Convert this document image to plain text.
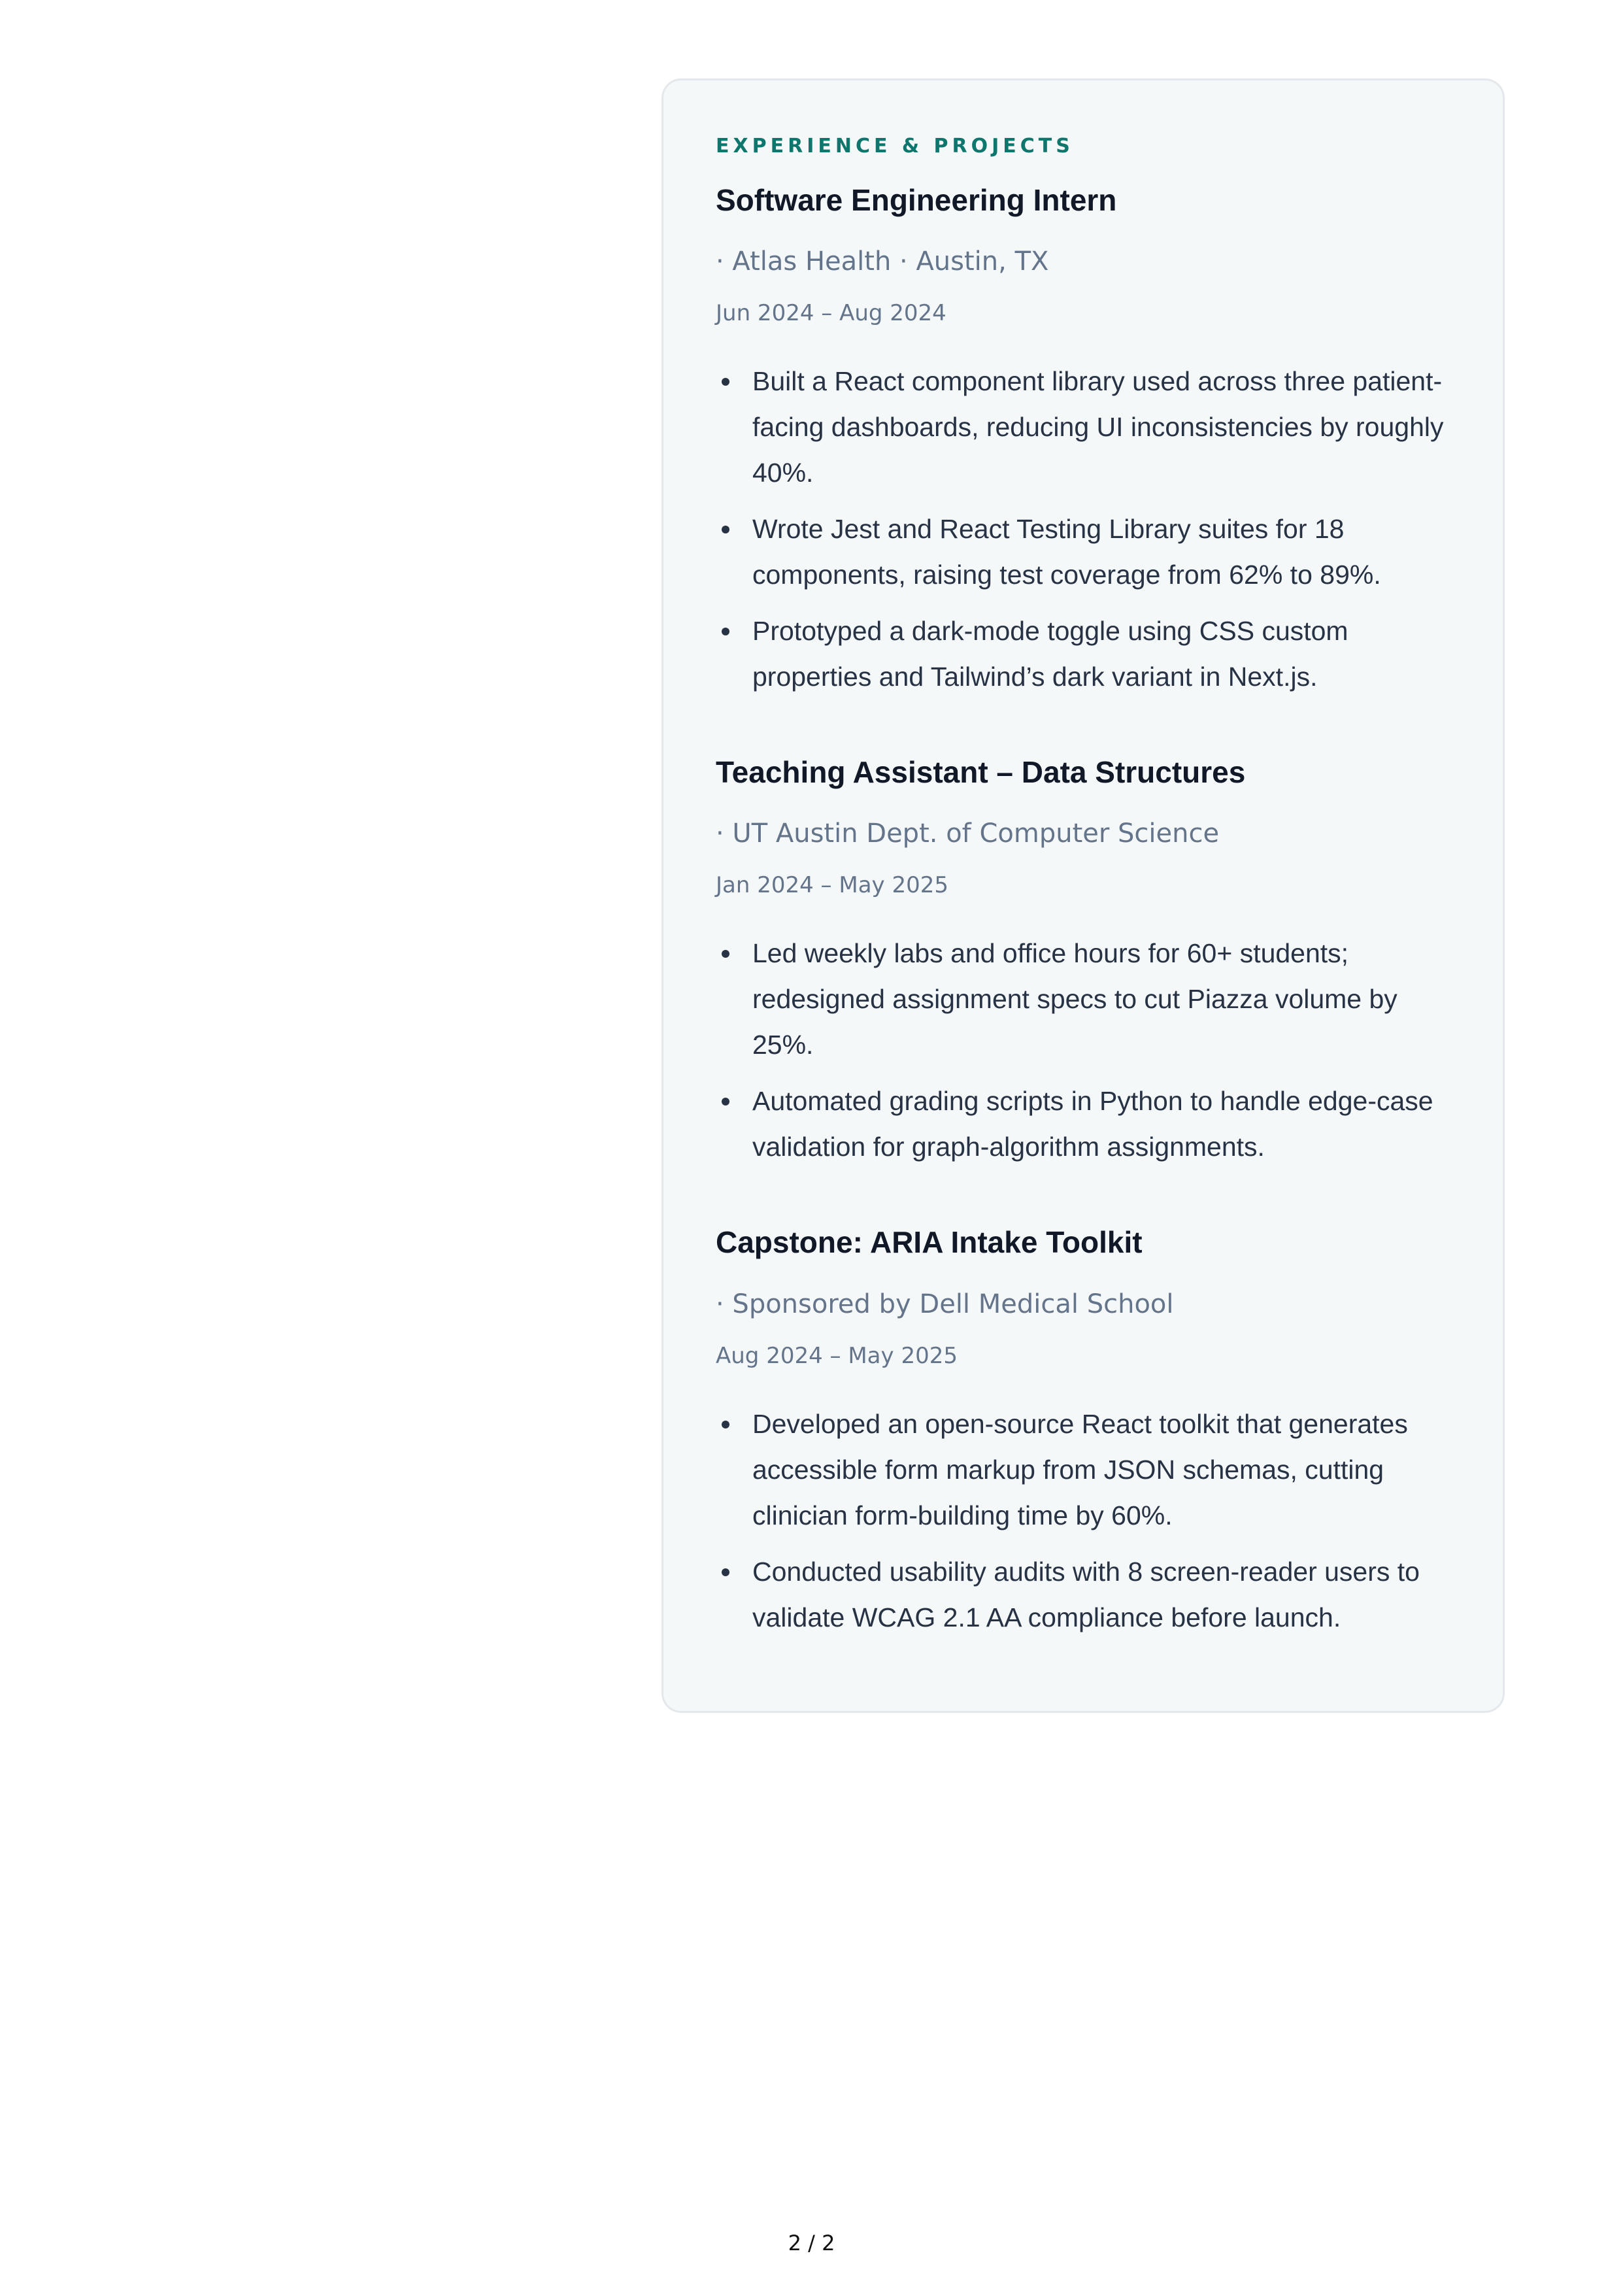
EXPERIENCE & PROJECTS
Software Engineering Intern
· Atlas Health · Austin, TX
Jun 2024 – Aug 2024
Built a React component library used across three patient-facing dashboards, reducing UI inconsistencies by roughly 40%.
Wrote Jest and React Testing Library suites for 18 components, raising test coverage from 62% to 89%.
Prototyped a dark-mode toggle using CSS custom properties and Tailwind’s dark variant in Next.js.
Teaching Assistant – Data Structures
· UT Austin Dept. of Computer Science
Jan 2024 – May 2025
Led weekly labs and office hours for 60+ students; redesigned assignment specs to cut Piazza volume by 25%.
Automated grading scripts in Python to handle edge-case validation for graph-algorithm assignments.
Capstone: ARIA Intake Toolkit
· Sponsored by Dell Medical School
Aug 2024 – May 2025
Developed an open-source React toolkit that generates accessible form markup from JSON schemas, cutting clinician form-building time by 60%.
Conducted usability audits with 8 screen-reader users to validate WCAG 2.1 AA compliance before launch.
2 / 2
